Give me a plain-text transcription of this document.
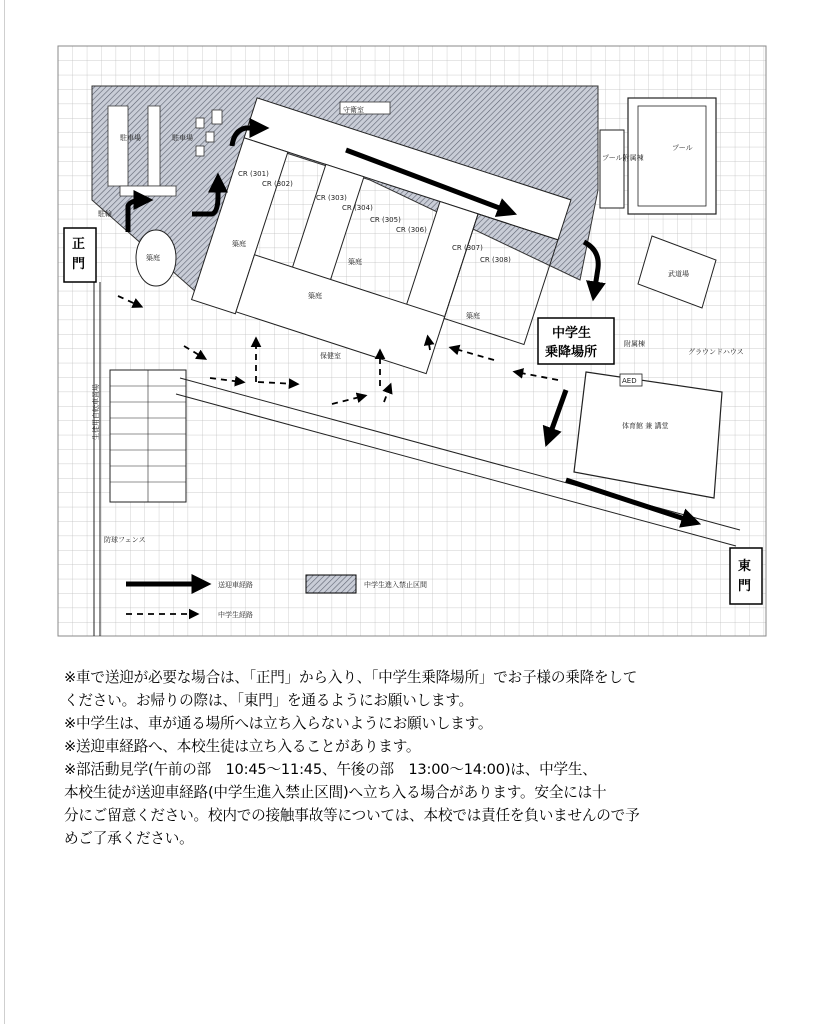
駐車場	駐車場
駐輪
守衛室
CR (301)
CR (302)
CR (303)
CR (304)
CR (305)
CR (306)
CR (307)
CR (308)
築庭
築庭
築庭
築庭
保健室
築庭
プール
プール附属棟
武道場
体育館 兼 講堂
AED
附属棟
グラウンドハウス
生徒用自転車置場
防球フェンス
正
門
東
門
中学生
乗降場所
送迎車経路	中学生進入禁止区間
中学生経路

※車で送迎が必要な場合は、「正門」から入り、「中学生乗降場所」でお子様の乗降をして

ください。お帰りの際は、「東門」を通るようにお願いします。

※中学生は、車が通る場所へは立ち入らないようにお願いします。

※送迎車経路へ、本校生徒は立ち入ることがあります。

※部活動見学(午前の部　10:45〜11:45、午後の部　13:00〜14:00)は、中学生、

本校生徒が送迎車経路(中学生進入禁止区間)へ立ち入る場合があります。安全には十

分にご留意ください。校内での接触事故等については、本校では責任を負いませんので予

めご了承ください。
